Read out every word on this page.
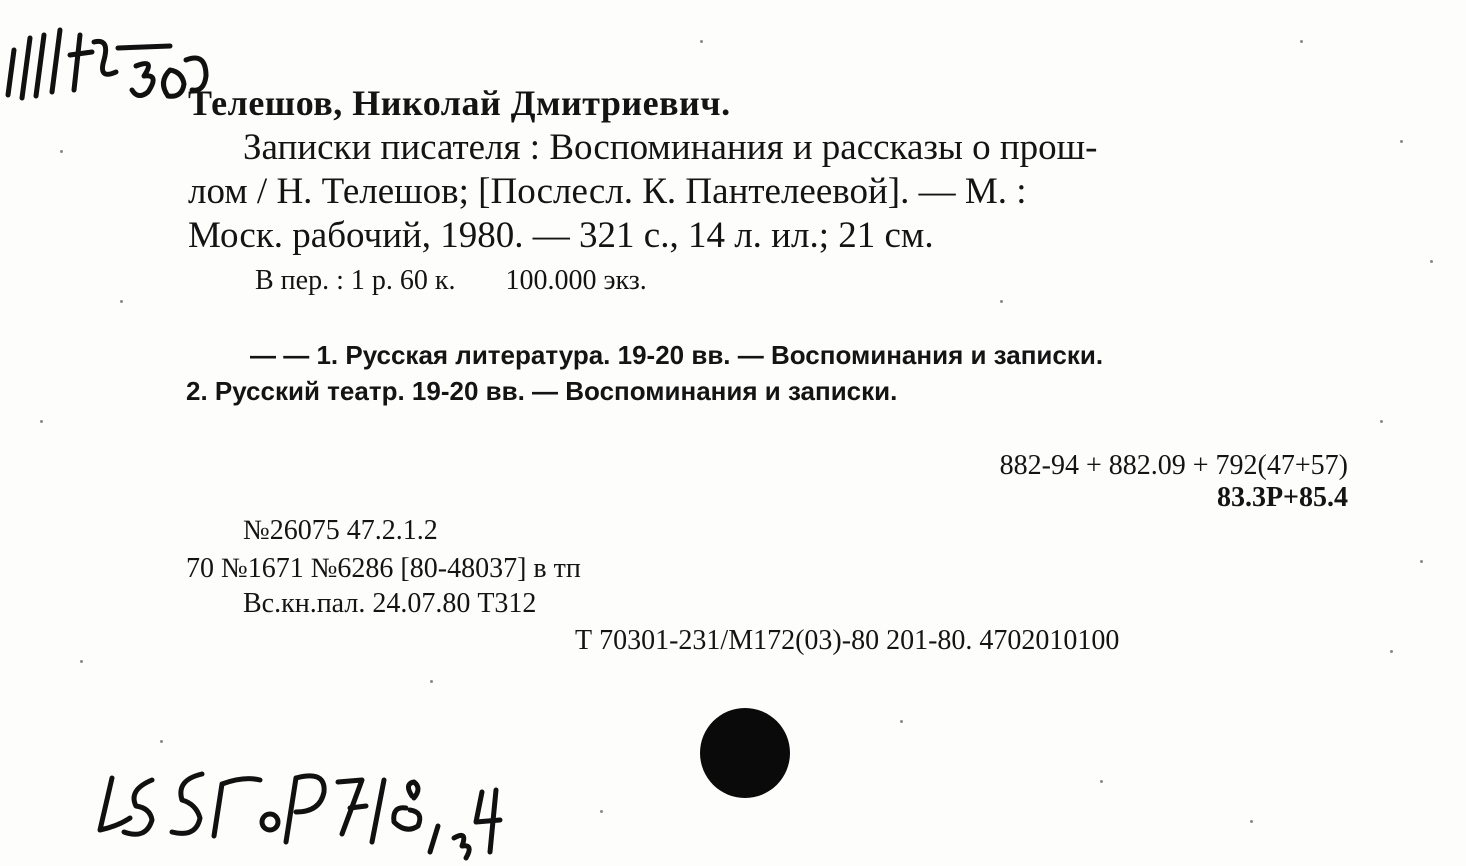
Телешов, Николай Дмитриевич.
Записки писателя : Воспоминания и рассказы о прош-
лом / Н. Телешов; [Послесл. К. Пантелеевой]. — М. :
Моск. рабочий, 1980. — 321 с., 14 л. ил.; 21 см.
В пер. : 1 р. 60 к. 100.000 экз.
— — 1. Русская литература. 19-20 вв. — Воспоминания и записки.
2. Русский театр. 19-20 вв. — Воспоминания и записки.
882-94 + 882.09 + 792(47+57)
83.3Р+85.4
№26075 47.2.1.2
70 №1671 №6286 [80-48037] в тп
Вс.кн.пал. 24.07.80 Т312
Т 70301-231/М172(03)-80 201-80. 4702010100
